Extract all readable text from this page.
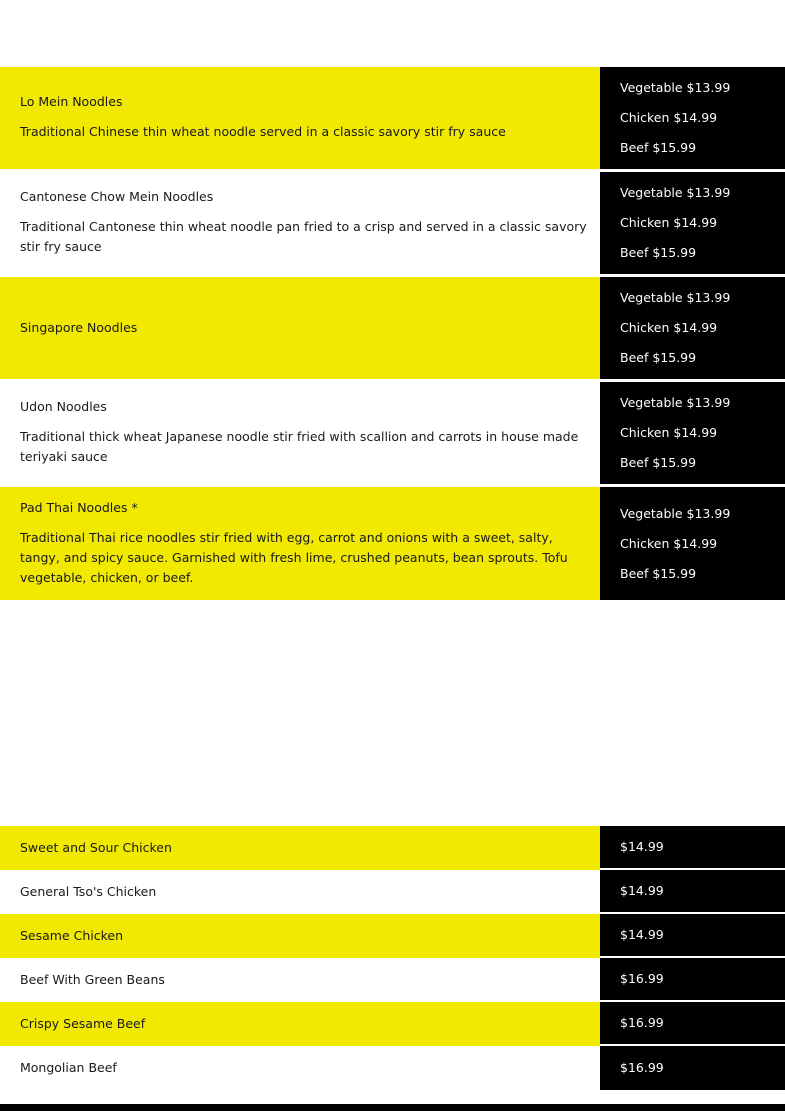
Lo Mein Noodles
Traditional Chinese thin wheat noodle served in a classic savory stir fry sauce
Vegetable $13.99
Chicken $14.99
Beef $15.99
Cantonese Chow Mein Noodles
Traditional Cantonese thin wheat noodle pan fried to a crisp and served in a classic savory stir fry sauce
Vegetable $13.99
Chicken $14.99
Beef $15.99
Singapore Noodles
Vegetable $13.99
Chicken $14.99
Beef $15.99
Udon Noodles
Traditional thick wheat Japanese noodle stir fried with scallion and carrots in house made teriyaki sauce
Vegetable $13.99
Chicken $14.99
Beef $15.99
Pad Thai Noodles *
Traditional Thai rice noodles stir fried with egg, carrot and onions with a sweet, salty, tangy, and spicy sauce. Garnished with fresh lime, crushed peanuts, bean sprouts. Tofu vegetable, chicken, or beef.
Vegetable $13.99
Chicken $14.99
Beef $15.99
Sweet and Sour Chicken	$14.99
General Tso's Chicken	$14.99
Sesame Chicken	$14.99
Beef With Green Beans	$16.99
Crispy Sesame Beef	$16.99
Mongolian Beef	$16.99
